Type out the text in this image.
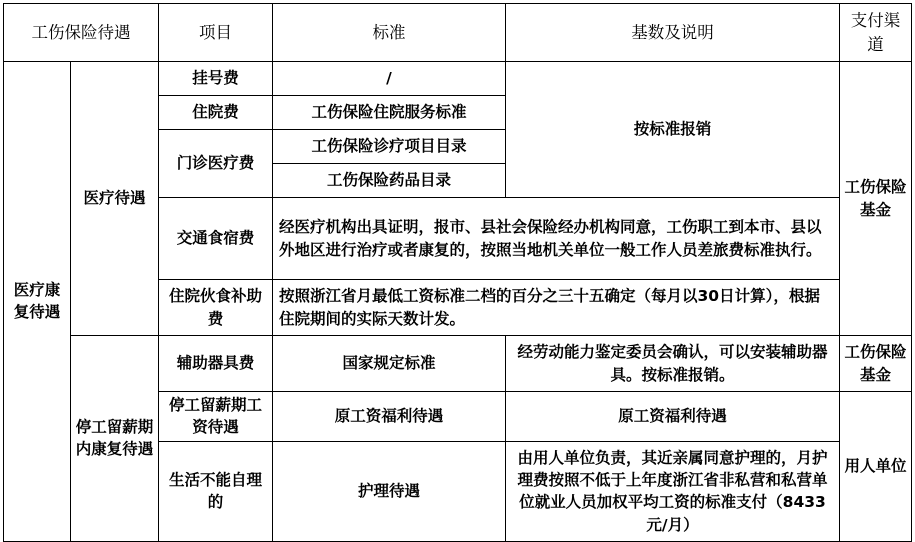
工伤保险待遇		项目	标准	基数及说明	支付渠道
医疗康复待遇	医疗待遇	挂号费	/	按标准报销	工伤保险基金
		住院费	工伤保险住院服务标准		
		门诊医疗费	工伤保险诊疗项目目录		
			工伤保险药品目录		
		交通食宿费	经医疗机构出具证明，报市、县社会保险经办机构同意，工伤职工到本市、县以外地区进行治疗或者康复的，按照当地机关单位一般工作人员差旅费标准执行。		
		住院伙食补助费	按照浙江省月最低工资标准二档的百分之三十五确定（每月以30日计算），根据住院期间的实际天数计发。		
	停工留薪期内康复待遇	辅助器具费	国家规定标准	经劳动能力鉴定委员会确认，可以安装辅助器具。按标准报销。	工伤保险基金
		停工留薪期工资待遇	原工资福利待遇	原工资福利待遇	用人单位
		生活不能自理的	护理待遇	由用人单位负责，其近亲属同意护理的，月护理费按照不低于上年度浙江省非私营和私营单位就业人员加权平均工资的标准支付（8433元/月）	
